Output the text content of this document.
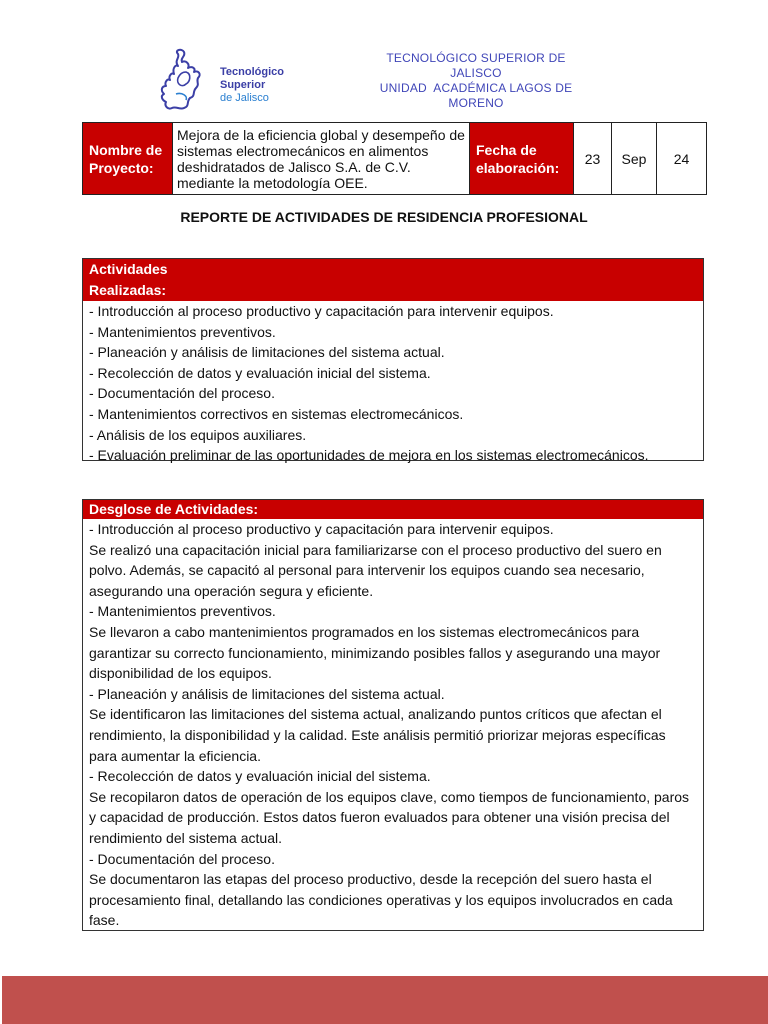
Tecnológico
Superior
de Jalisco
TECNOLÓGICO SUPERIOR DE
JALISCO
UNIDAD  ACADÉMICA LAGOS DE
MORENO
Nombre de Proyecto:	Mejora de la eficiencia global y desempeño de sistemas electromecánicos en alimentos deshidratados de Jalisco S.A. de C.V. mediante la metodología OEE.	Fecha de elaboración:	23	Sep	24
REPORTE DE ACTIVIDADES DE RESIDENCIA PROFESIONAL
Actividades Realizadas:
- Introducción al proceso productivo y capacitación para intervenir equipos.
- Mantenimientos preventivos.
- Planeación y análisis de limitaciones del sistema actual.
- Recolección de datos y evaluación inicial del sistema.
- Documentación del proceso.
- Mantenimientos correctivos en sistemas electromecánicos.
- Análisis de los equipos auxiliares.
- Evaluación preliminar de las oportunidades de mejora en los sistemas electromecánicos.
Desglose de Actividades:
- Introducción al proceso productivo y capacitación para intervenir equipos.
Se realizó una capacitación inicial para familiarizarse con el proceso productivo del suero en polvo. Además, se capacitó al personal para intervenir los equipos cuando sea necesario, asegurando una operación segura y eficiente.
- Mantenimientos preventivos.
Se llevaron a cabo mantenimientos programados en los sistemas electromecánicos para garantizar su correcto funcionamiento, minimizando posibles fallos y asegurando una mayor disponibilidad de los equipos.
- Planeación y análisis de limitaciones del sistema actual.
Se identificaron las limitaciones del sistema actual, analizando puntos críticos que afectan el rendimiento, la disponibilidad y la calidad. Este análisis permitió priorizar mejoras específicas para aumentar la eficiencia.
- Recolección de datos y evaluación inicial del sistema.
Se recopilaron datos de operación de los equipos clave, como tiempos de funcionamiento, paros y capacidad de producción. Estos datos fueron evaluados para obtener una visión precisa del rendimiento del sistema actual.
- Documentación del proceso.
Se documentaron las etapas del proceso productivo, desde la recepción del suero hasta el procesamiento final, detallando las condiciones operativas y los equipos involucrados en cada fase.
